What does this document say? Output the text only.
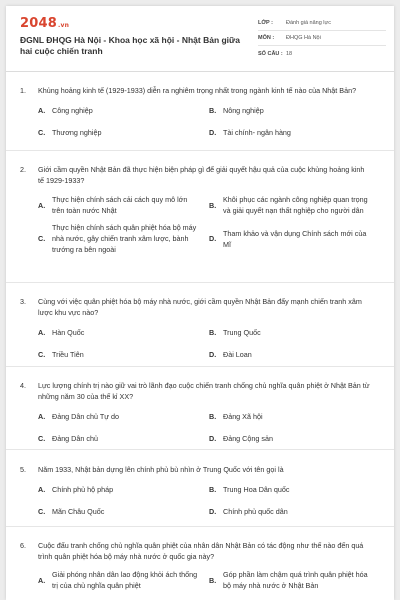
2048.vn
ĐGNL ĐHQG Hà Nội - Khoa học xã hội - Nhật Bản giữa hai cuộc chiến tranh
LỚP :	Đánh giá năng lực
MÔN :	ĐHQG Hà Nội
SỐ CÂU : 18
1.	Khủng hoảng kinh tế (1929-1933) diễn ra nghiêm trọng nhất trong ngành kinh tế nào của Nhật Bản?
A. Công nghiệp	B. Nông nghiệp
C. Thương nghiệp	D. Tài chính- ngân hàng
2.	Giới cầm quyền Nhật Bản đã thực hiện biện pháp gì để giải quyết hậu quả của cuộc khủng hoảng kinh tế 1929-1933?
A.
Thực hiện chính sách cải cách quy mô lớn trên toàn nước Nhật
B.
Khôi phục các ngành công nghiệp quan trọng và giải quyết nạn thất nghiệp cho người dân
C.
Thực hiện chính sách quân phiệt hóa bộ máy nhà nước, gây chiến tranh xâm lược, bành trướng ra bên ngoài
D.
Tham khảo và vận dụng Chính sách mới của Mĩ
3.	Cùng với việc quân phiệt hóa bộ máy nhà nước, giới cầm quyền Nhật Bản đẩy mạnh chiến tranh xâm lược khu vực nào?
A. Hàn Quốc	B. Trung Quốc
C. Triều Tiên	D. Đài Loan
4.	Lực lượng chính trị nào giữ vai trò lãnh đạo cuộc chiến tranh chống chủ nghĩa quân phiệt ở Nhật Bản từ những năm 30 của thế kỉ XX?
A. Đảng Dân chủ Tự do	B. Đảng Xã hội
C. Đảng Dân chủ	D. Đảng Cộng sản
5.	Năm 1933, Nhật bản dựng lên chính phủ bù nhìn ở Trung Quốc với tên gọi là
A. Chính phủ hộ pháp	B. Trung Hoa Dân quốc
C. Mãn Châu Quốc	D. Chính phủ quốc dân
6.	Cuộc đấu tranh chống chủ nghĩa quân phiệt của nhân dân Nhật Bản có tác động như thế nào đến quá trình quân phiệt hóa bộ máy nhà nước ở quốc gia này?
A.
Giải phóng nhân dân lao động khỏi ách thống trị của chủ nghĩa quân phiệt
B.
Góp phần làm chậm quá trình quân phiệt hóa bộ máy nhà nước ở Nhật Bản
